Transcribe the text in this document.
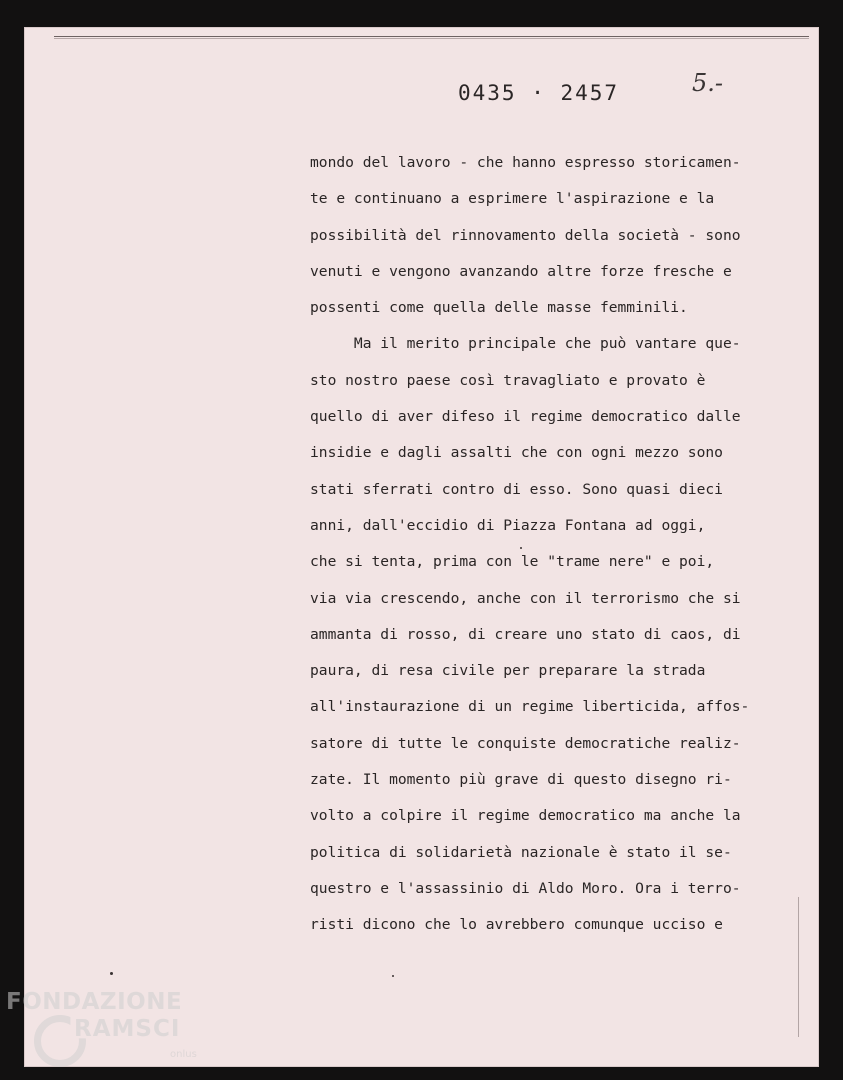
0435 · 2457	5.-
mondo del lavoro - che hanno espresso storicamen-
te e continuano a esprimere l'aspirazione e la
possibilità del rinnovamento della società - sono
venuti e vengono avanzando altre forze fresche e
possenti come quella delle masse femminili.
Ma il merito principale che può vantare que-
sto nostro paese così travagliato e provato è
quello di aver difeso il regime democratico dalle
insidie e dagli assalti che con ogni mezzo sono
stati sferrati contro di esso. Sono quasi dieci
anni, dall'eccidio di Piazza Fontana ad oggi,
che si tenta, prima con le "trame nere" e poi,
via via crescendo, anche con il terrorismo che si
ammanta di rosso, di creare uno stato di caos, di
paura, di resa civile per preparare la strada
all'instaurazione di un regime liberticida, affos-
satore di tutte le conquiste democratiche realiz-
zate. Il momento più grave di questo disegno ri-
volto a colpire il regime democratico ma anche la
politica di solidarietà nazionale è stato il se-
questro e l'assassinio di Aldo Moro. Ora i terro-
risti dicono che lo avrebbero comunque ucciso e
FONDAZIONE
RAMSCI
onlus
